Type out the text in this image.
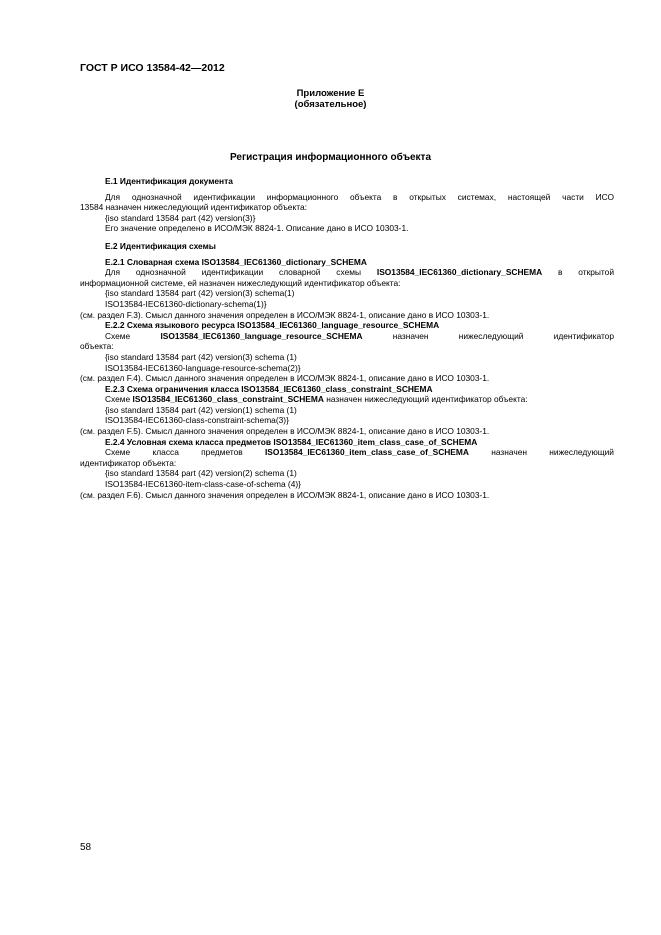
ГОСТ Р ИСО 13584-42—2012
Приложение Е
(обязательное)
Регистрация информационного объекта

E.1 Идентификация документа

Для однозначной идентификации информационного объекта в открытых системах, настоящей части ИСО

13584 назначен нижеследующий идентификатор объекта:

{iso standard 13584 part (42) version(3)}

Его значение определено в ИСО/МЭК 8824-1. Описание дано в ИСО 10303-1.

E.2 Идентификация схемы

E.2.1 Словарная схема ISO13584_IEC61360_dictionary_SCHEMA

Для однозначной идентификации словарной схемы ISO13584_IEC61360_dictionary_SCHEMA в открытой

информационной системе, ей назначен нижеследующий идентификатор объекта:

{iso standard 13584 part (42) version(3) schema(1)

ISO13584-IEC61360-dictionary-schema(1)}

(см. раздел F.3). Смысл данного значения определен в ИСО/МЭК 8824-1, описание дано в ИСО 10303-1.

E.2.2 Схема языкового ресурса ISO13584_IEC61360_language_resource_SCHEMA

Схеме	ISO13584_IEC61360_language_resource_SCHEMA	назначен нижеследующий идентификатор

объекта:

{iso standard 13584 part (42) version(3) schema (1)

ISO13584-IEC61360-language-resource-schema(2)}

(см. раздел F.4). Смысл данного значения определен в ИСО/МЭК 8824-1, описание дано в ИСО 10303-1.

E.2.3 Схема ограничения класса ISO13584_IEC61360_class_constraint_SCHEMA

Схеме ISO13584_IEC61360_class_constraint_SCHEMA назначен нижеследующий идентификатор объекта:

{iso standard 13584 part (42) version(1) schema (1)

ISO13584-IEC61360-class-constraint-schema(3)}

(см. раздел F.5). Смысл данного значения определен в ИСО/МЭК 8824-1, описание дано в ИСО 10303-1.

E.2.4 Условная схема класса предметов ISO13584_IEC61360_item_class_case_of_SCHEMA

Схеме класса предметов	ISO13584_IEC61360_item_class_case_of_SCHEMA	назначен нижеследующий

идентификатор объекта:

{iso standard 13584 part (42) version(2) schema (1)

ISO13584-IEC61360-item-class-case-of-schema (4)}

(см. раздел F.6). Смысл данного значения определен в ИСО/МЭК 8824-1, описание дано в ИСО 10303-1.

58
